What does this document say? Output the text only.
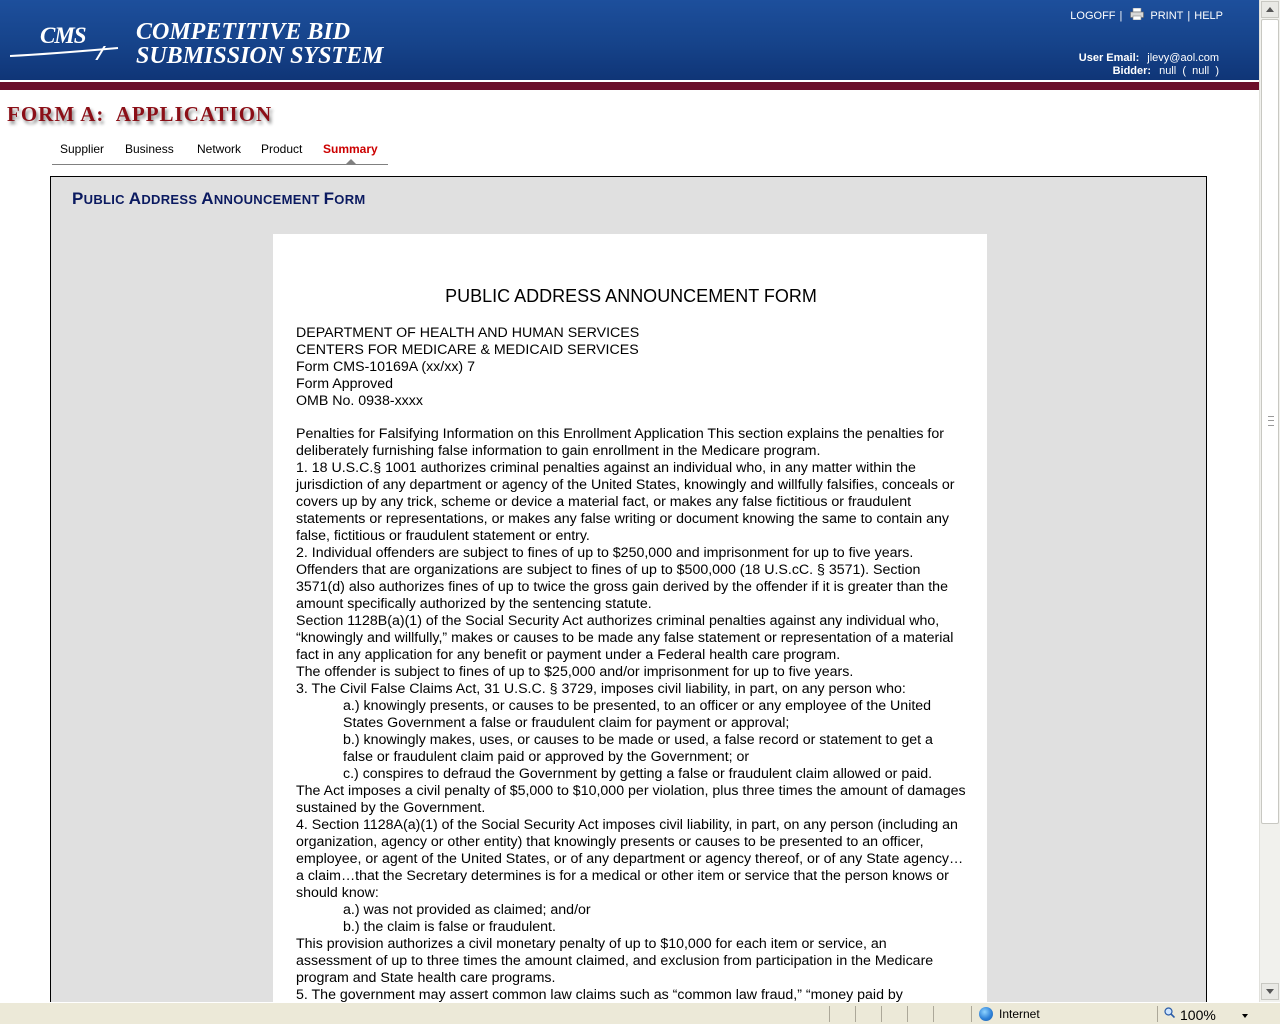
CMS COMPETITIVE BID
SUBMISSION SYSTEM
LOGOFF |	PRINT | HELP
User Email: jlevy@aol.com
Bidder: null  (  null  )
FORM A:  APPLICATION
Supplier Business Network Product Summary
PUBLIC ADDRESS ANNOUNCEMENT FORM
PUBLIC ADDRESS ANNOUNCEMENT FORM

DEPARTMENT OF HEALTH AND HUMAN SERVICES

CENTERS FOR MEDICARE & MEDICAID SERVICES

Form CMS-10169A (xx/xx) 7

Form Approved

OMB No. 0938-xxxx

Penalties for Falsifying Information on this Enrollment Application This section explains the penalties for deliberately furnishing false information to gain enrollment in the Medicare program.

1. 18 U.S.C.§ 1001 authorizes criminal penalties against an individual who, in any matter within the jurisdiction of any department or agency of the United States, knowingly and willfully falsifies, conceals or covers up by any trick, scheme or device a material fact, or makes any false fictitious or fraudulent statements or representations, or makes any false writing or document knowing the same to contain any false, fictitious or fraudulent statement or entry.

2. Individual offenders are subject to fines of up to $250,000 and imprisonment for up to five years. Offenders that are organizations are subject to fines of up to $500,000 (18 U.S.cC. § 3571). Section 3571(d) also authorizes fines of up to twice the gross gain derived by the offender if it is greater than the amount specifically authorized by the sentencing statute.

Section 1128B(a)(1) of the Social Security Act authorizes criminal penalties against any individual who, “knowingly and willfully,” makes or causes to be made any false statement or representation of a material fact in any application for any benefit or payment under a Federal health care program.

The offender is subject to fines of up to $25,000 and/or imprisonment for up to five years.

3. The Civil False Claims Act, 31 U.S.C. § 3729, imposes civil liability, in part, on any person who:

a.) knowingly presents, or causes to be presented, to an officer or any employee of the United States Government a false or fraudulent claim for payment or approval;

b.) knowingly makes, uses, or causes to be made or used, a false record or statement to get a false or fraudulent claim paid or approved by the Government; or

c.) conspires to defraud the Government by getting a false or fraudulent claim allowed or paid.

The Act imposes a civil penalty of $5,000 to $10,000 per violation, plus three times the amount of damages sustained by the Government.

4. Section 1128A(a)(1) of the Social Security Act imposes civil liability, in part, on any person (including an organization, agency or other entity) that knowingly presents or causes to be presented to an officer, employee, or agent of the United States, or of any department or agency thereof, or of any State agency…a claim…that the Secretary determines is for a medical or other item or service that the person knows or should know:

a.) was not provided as claimed; and/or

b.) the claim is false or fraudulent.

This provision authorizes a civil monetary penalty of up to $10,000 for each item or service, an assessment of up to three times the amount claimed, and exclusion from participation in the Medicare program and State health care programs.

5. The government may assert common law claims such as “common law fraud,” “money paid by

Internet	100%
